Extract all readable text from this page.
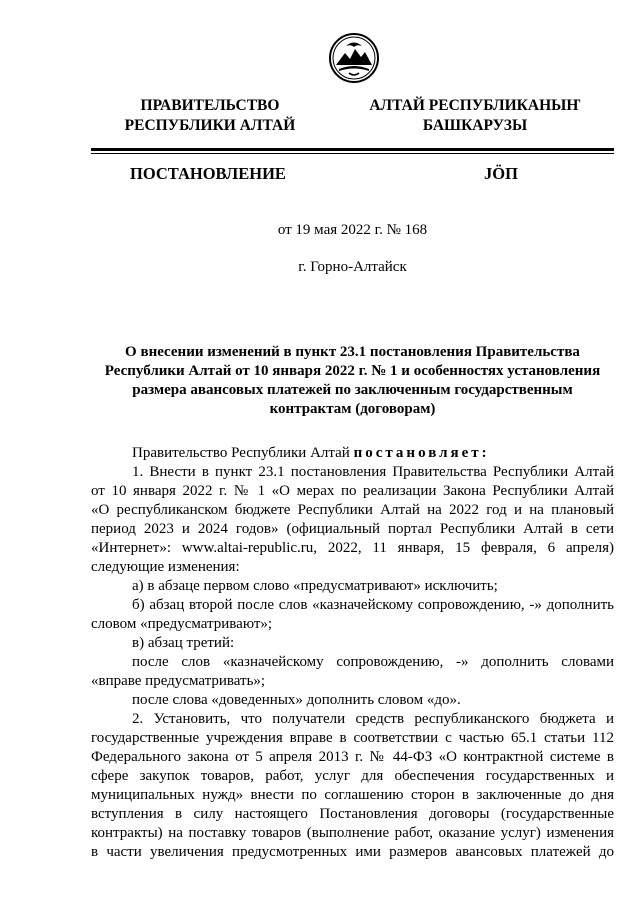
ПРАВИТЕЛЬСТВО
РЕСПУБЛИКИ АЛТАЙ
АЛТАЙ РЕСПУБЛИКАНЫҤ
БАШКАРУЗЫ
ПОСТАНОВЛЕНИЕ	JӦП
от 19 мая 2022 г. № 168
г. Горно-Алтайск
О внесении изменений в пункт 23.1 постановления Правительства
Республики Алтай от 10 января 2022 г. № 1 и особенностях установления
размера авансовых платежей по заключенным государственным
контрактам (договорам)

Правительство Республики Алтай постановляет:

1. Внести в пункт 23.1 постановления Правительства Республики Алтай
от 10 января 2022 г. № 1 «О мерах по реализации Закона Республики Алтай
«О республиканском бюджете Республики Алтай на 2022 год и на плановый
период 2023 и 2024 годов» (официальный портал Республики Алтай в сети
«Интернет»: www.altai-republic.ru, 2022, 11 января, 15 февраля, 6 апреля)
следующие изменения:

а) в абзаце первом слово «предусматривают» исключить;

б) абзац второй после слов «казначейскому сопровождению, -» дополнить
словом «предусматривают»;

в) абзац третий:

после слов «казначейскому сопровождению, -» дополнить словами
«вправе предусматривать»;

после слова «доведенных» дополнить словом «до».

2. Установить, что получатели средств республиканского бюджета и
государственные учреждения вправе в соответствии с частью 65.1 статьи 112
Федерального закона от 5 апреля 2013 г. № 44-ФЗ «О контрактной системе в
сфере закупок товаров, работ, услуг для обеспечения государственных и
муниципальных нужд» внести по соглашению сторон в заключенные до дня
вступления в силу настоящего Постановления договоры (государственные
контракты) на поставку товаров (выполнение работ, оказание услуг) изменения
в части увеличения предусмотренных ими размеров авансовых платежей до
